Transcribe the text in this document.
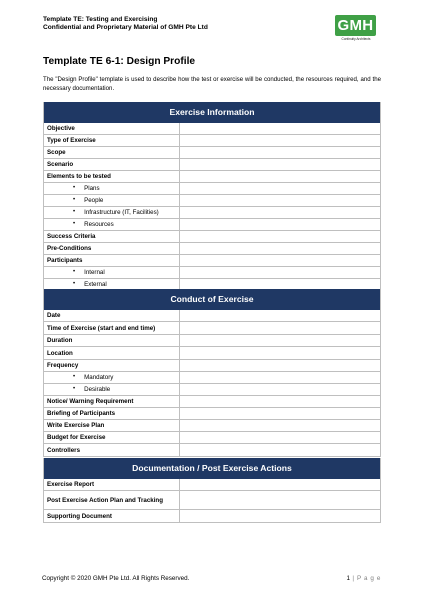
Template TE: Testing and Exercising
Confidential and Proprietary Material of GMH Pte Ltd	GMH
Continuity Architects
Template TE 6-1: Design Profile
The "Design Profile" template is used to describe how the test or exercise will be conducted, the resources required, and the necessary documentation.
Exercise Information
Objective
Type of Exercise
Scope
Scenario
Elements to be tested
• Plans
• People
• Infrastructure (IT, Facilities)
• Resources
Success Criteria
Pre-Conditions
Participants
• Internal
• External
Conduct of Exercise
Date
Time of Exercise (start and end time)
Duration
Location
Frequency
• Mandatory
• Desirable
Notice/ Warning Requirement
Briefing of Participants
Write Exercise Plan
Budget for Exercise
Controllers
Documentation / Post Exercise Actions
Exercise Report
Post Exercise Action Plan and Tracking
Supporting Document
Copyright © 2020 GMH Pte Ltd. All Rights Reserved.	1 | P a g e
